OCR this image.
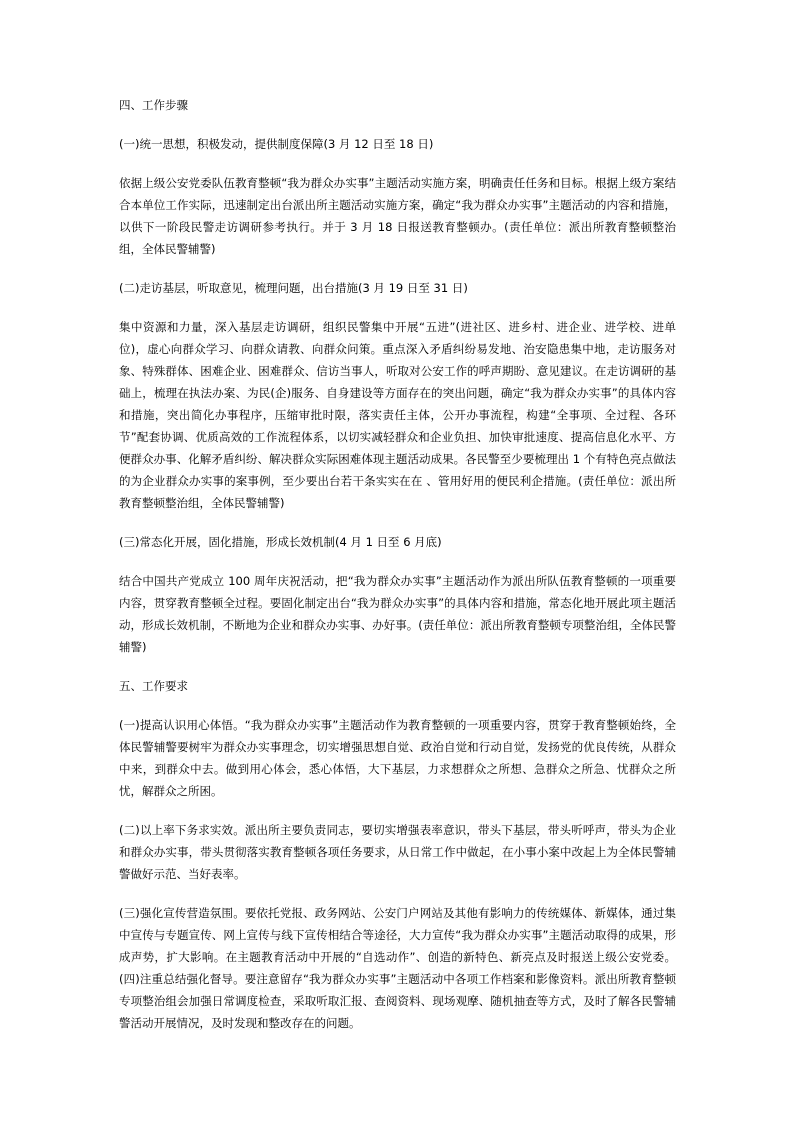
四、工作步骤

(一)统一思想，积极发动，提供制度保障(3 月 12 日至 18 日)

依据上级公安党委队伍教育整顿“我为群众办实事”主题活动实施方案，明确责任任务和目标。根据上级方案结合本单位工作实际，迅速制定出台派出所主题活动实施方案，确定“我为群众办实事”主题活动的内容和措施，以供下一阶段民警走访调研参考执行。并于 3 月 18 日报送教育整顿办。(责任单位：派出所教育整顿整治组，全体民警辅警)

(二)走访基层，听取意见，梳理问题，出台措施(3 月 19 日至 31 日)

集中资源和力量，深入基层走访调研，组织民警集中开展“五进”(进社区、进乡村、进企业、进学校、进单位)，虚心向群众学习、向群众请教、向群众问策。重点深入矛盾纠纷易发地、治安隐患集中地，走访服务对象、特殊群体、困难企业、困难群众、信访当事人，听取对公安工作的呼声期盼、意见建议。在走访调研的基础上，梳理在执法办案、为民(企)服务、自身建设等方面存在的突出问题，确定“我为群众办实事”的具体内容和措施，突出简化办事程序，压缩审批时限，落实责任主体，公开办事流程，构建“全事项、全过程、各环节”配套协调、优质高效的工作流程体系，以切实减轻群众和企业负担、加快审批速度、提高信息化水平、方便群众办事、化解矛盾纠纷、解决群众实际困难体现主题活动成果。各民警至少要梳理出 1 个有特色亮点做法的为企业群众办实事的案事例，至少要出台若干条实实在在 、管用好用的便民利企措施。(责任单位：派出所教育整顿整治组，全体民警辅警)

(三)常态化开展，固化措施，形成长效机制(4 月 1 日至 6 月底)

结合中国共产党成立 100 周年庆祝活动，把“我为群众办实事”主题活动作为派出所队伍教育整顿的一项重要内容，贯穿教育整顿全过程。要固化制定出台“我为群众办实事”的具体内容和措施，常态化地开展此项主题活动，形成长效机制，不断地为企业和群众办实事、办好事。(责任单位：派出所教育整顿专项整治组，全体民警辅警)

五、工作要求

(一)提高认识用心体悟。“我为群众办实事”主题活动作为教育整顿的一项重要内容，贯穿于教育整顿始终，全体民警辅警要树牢为群众办实事理念，切实增强思想自觉、政治自觉和行动自觉，发扬党的优良传统，从群众中来，到群众中去。做到用心体会，悉心体悟，大下基层，力求想群众之所想、急群众之所急、忧群众之所忧，解群众之所困。

(二)以上率下务求实效。派出所主要负责同志，要切实增强表率意识，带头下基层，带头听呼声，带头为企业和群众办实事，带头贯彻落实教育整顿各项任务要求，从日常工作中做起，在小事小案中改起上为全体民警辅警做好示范、当好表率。

(三)强化宣传营造氛围。要依托党报、政务网站、公安门户网站及其他有影响力的传统媒体、新媒体，通过集中宣传与专题宣传、网上宣传与线下宣传相结合等途径，大力宣传“我为群众办实事”主题活动取得的成果，形成声势，扩大影响。在主题教育活动中开展的“自选动作”、创造的新特色、新亮点及时报送上级公安党委。(四)注重总结强化督导。要注意留存“我为群众办实事”主题活动中各项工作档案和影像资料。派出所教育整顿专项整治组会加强日常调度检查，采取听取汇报、查阅资料、现场观摩、随机抽查等方式，及时了解各民警辅警活动开展情况，及时发现和整改存在的问题。
